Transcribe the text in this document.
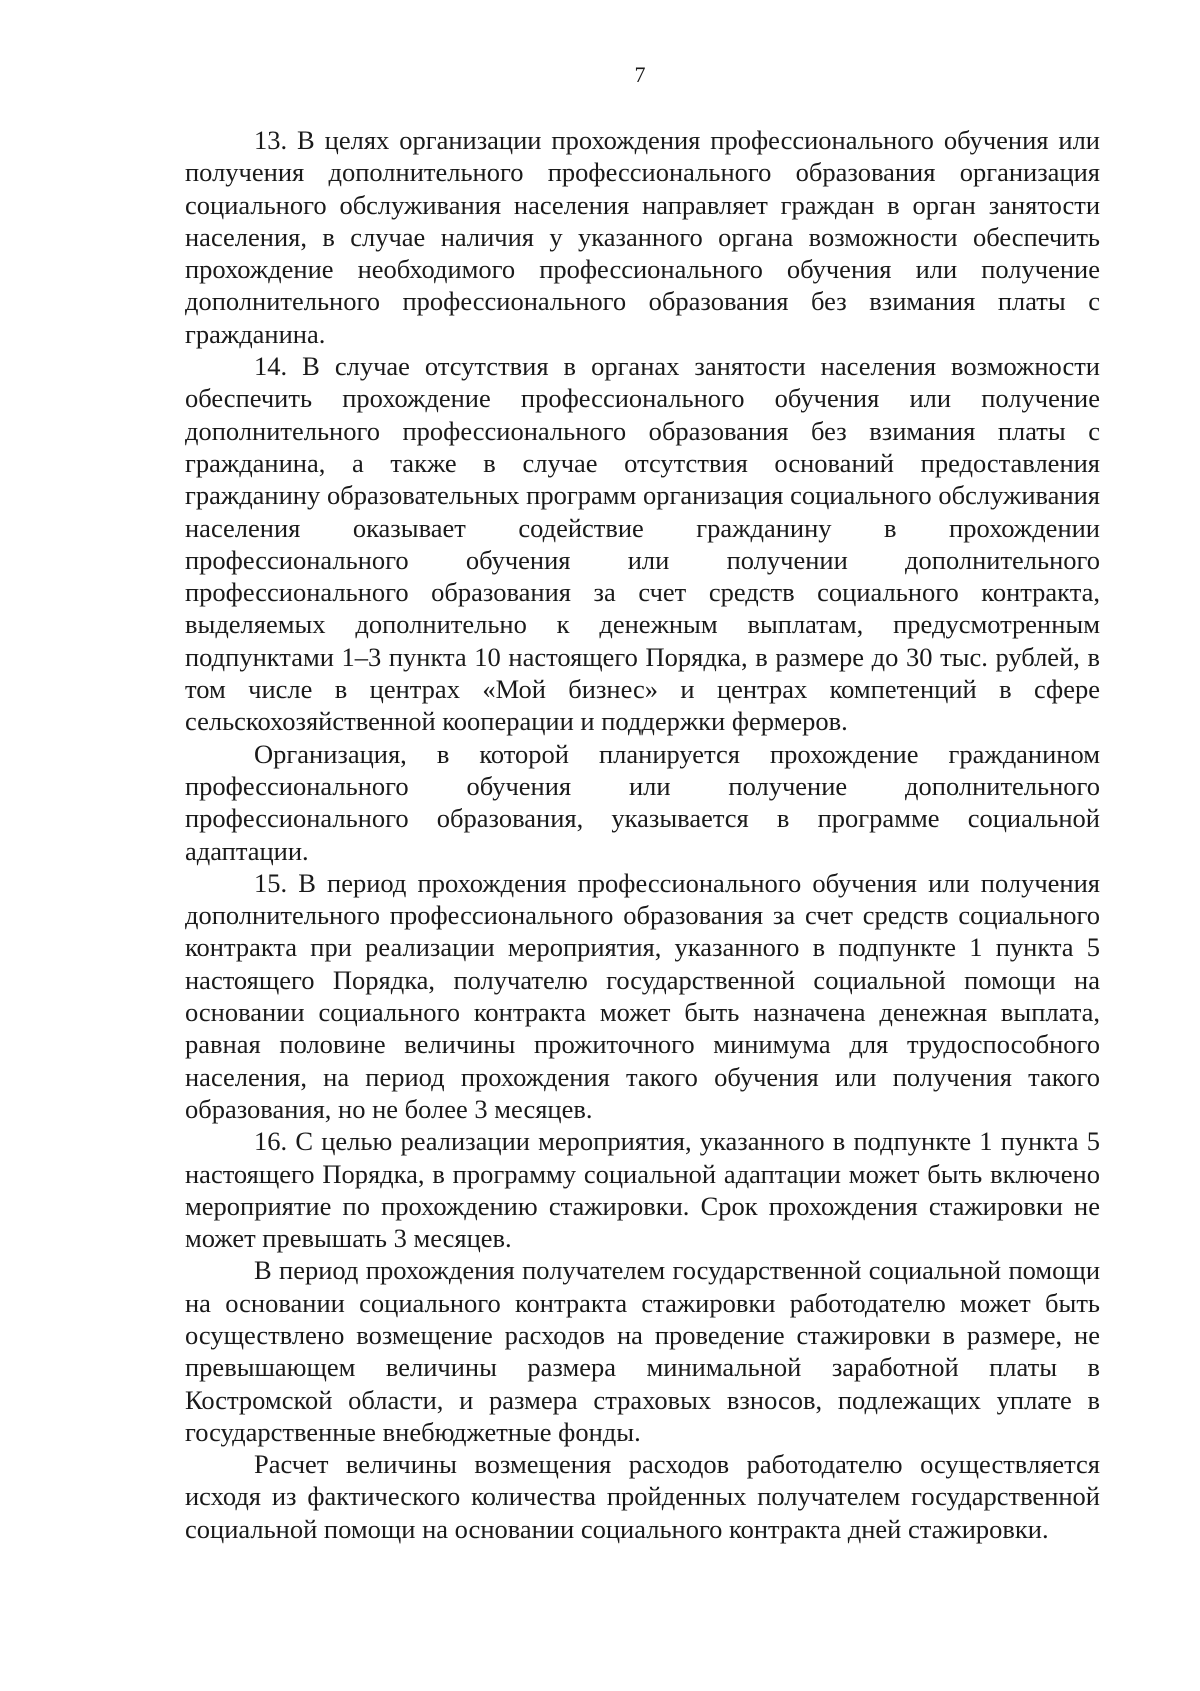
7

13. В целях организации прохождения профессионального обучения или получения дополнительного профессионального образования организация социального обслуживания населения направляет граждан в орган занятости населения, в случае наличия у указанного органа возможности обеспечить прохождение необходимого профессионального обучения или получение дополнительного профессионального образования без взимания платы с гражданина.

14. В случае отсутствия в органах занятости населения возможности обеспечить прохождение профессионального обучения или получение дополнительного профессионального образования без взимания платы с гражданина, а также в случае отсутствия оснований предоставления гражданину образовательных программ организация социального обслуживания населения оказывает содействие гражданину в прохождении профессионального обучения или получении дополнительного профессионального образования за счет средств социального контракта, выделяемых дополнительно к денежным выплатам, предусмотренным подпунктами 1–3 пункта 10 настоящего Порядка, в размере до 30 тыс. рублей, в том числе в центрах «Мой бизнес» и центрах компетенций в сфере сельскохозяйственной кооперации и поддержки фермеров.

Организация, в которой планируется прохождение гражданином профессионального обучения или получение дополнительного профессионального образования, указывается в программе социальной адаптации.

15. В период прохождения профессионального обучения или получения дополнительного профессионального образования за счет средств социального контракта при реализации мероприятия, указанного в подпункте 1 пункта 5 настоящего Порядка, получателю государственной социальной помощи на основании социального контракта может быть назначена денежная выплата, равная половине величины прожиточного минимума для трудоспособного населения, на период прохождения такого обучения или получения такого образования, но не более 3 месяцев.

16. С целью реализации мероприятия, указанного в подпункте 1 пункта 5 настоящего Порядка, в программу социальной адаптации может быть включено мероприятие по прохождению стажировки. Срок прохождения стажировки не может превышать 3 месяцев.

В период прохождения получателем государственной социальной помощи на основании социального контракта стажировки работодателю может быть осуществлено возмещение расходов на проведение стажировки в размере, не превышающем величины размера минимальной заработной платы в Костромской области, и размера страховых взносов, подлежащих уплате в государственные внебюджетные фонды.

Расчет величины возмещения расходов работодателю осуществляется исходя из фактического количества пройденных получателем государственной социальной помощи на основании социального контракта дней стажировки.
